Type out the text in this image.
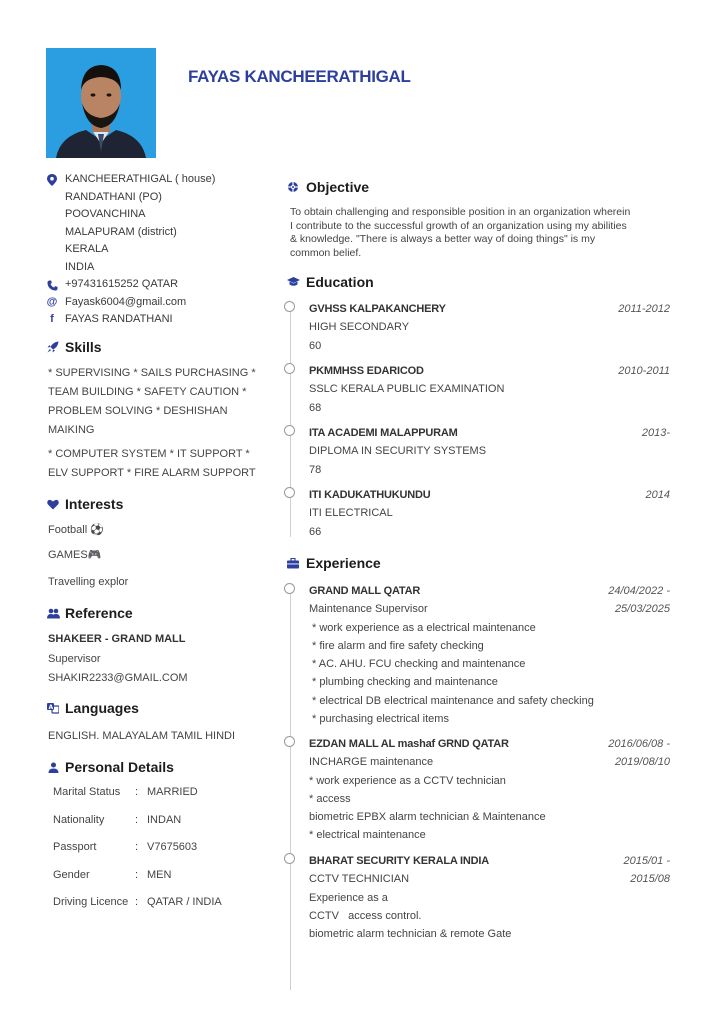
FAYAS KANCHEERATHIGAL
KANCHEERATHIGAL ( house)
RANDATHANI (PO)
POOVANCHINA
MALAPURAM (district)
KERALA
INDIA
+97431615252 QATAR
@ Fayask6004@gmail.com
f	FAYAS RANDATHANI
Skills
* SUPERVISING * SAILS PURCHASING *
TEAM BUILDING * SAFETY CAUTION *
PROBLEM SOLVING * DESHISHAN
MAIKING
* COMPUTER SYSTEM * IT SUPPORT *
ELV SUPPORT * FIRE ALARM SUPPORT
Interests
Football ⚽
GAMES🎮
Travelling explor
Reference
SHAKEER - GRAND MALL
Supervisor
SHAKIR2233@GMAIL.COM
A Languages
ENGLISH. MALAYALAM TAMIL HINDI
Personal Details
Marital Status : MARRIED
Nationality	: INDAN
Passport	: V7675603
Gender	: MEN
Driving Licence : QATAR / INDIA
Objective
To obtain challenging and responsible position in an organization wherein
I contribute to the successful growth of an organization using my abilities
& knowledge. "There is always a better way of doing things" is my
common belief.
Education
GVHSS KALPAKANCHERY	2011-2012
HIGH SECONDARY
60
PKMMHSS EDARICOD	2010-2011
SSLC KERALA PUBLIC EXAMINATION
68
ITA ACADEMI MALAPPURAM	2013-
DIPLOMA IN SECURITY SYSTEMS
78
ITI KADUKATHUKUNDU	2014
ITI ELECTRICAL
66
Experience
GRAND MALL QATAR	24/04/2022 -
25/03/2025
Maintenance Supervisor
* work experience as a electrical maintenance
* fire alarm and fire safety checking
* AC. AHU. FCU checking and maintenance
* plumbing checking and maintenance
* electrical DB electrical maintenance and safety checking
* purchasing electrical items
EZDAN MALL AL mashaf GRND QATAR	2016/06/08 -
2019/08/10
INCHARGE maintenance
* work experience as a CCTV technician
* access
biometric EPBX alarm technician & Maintenance
* electrical maintenance
BHARAT SECURITY KERALA INDIA	2015/01 -
2015/08
CCTV TECHNICIAN
Experience as a
CCTV   access control.
biometric alarm technician & remote Gate
